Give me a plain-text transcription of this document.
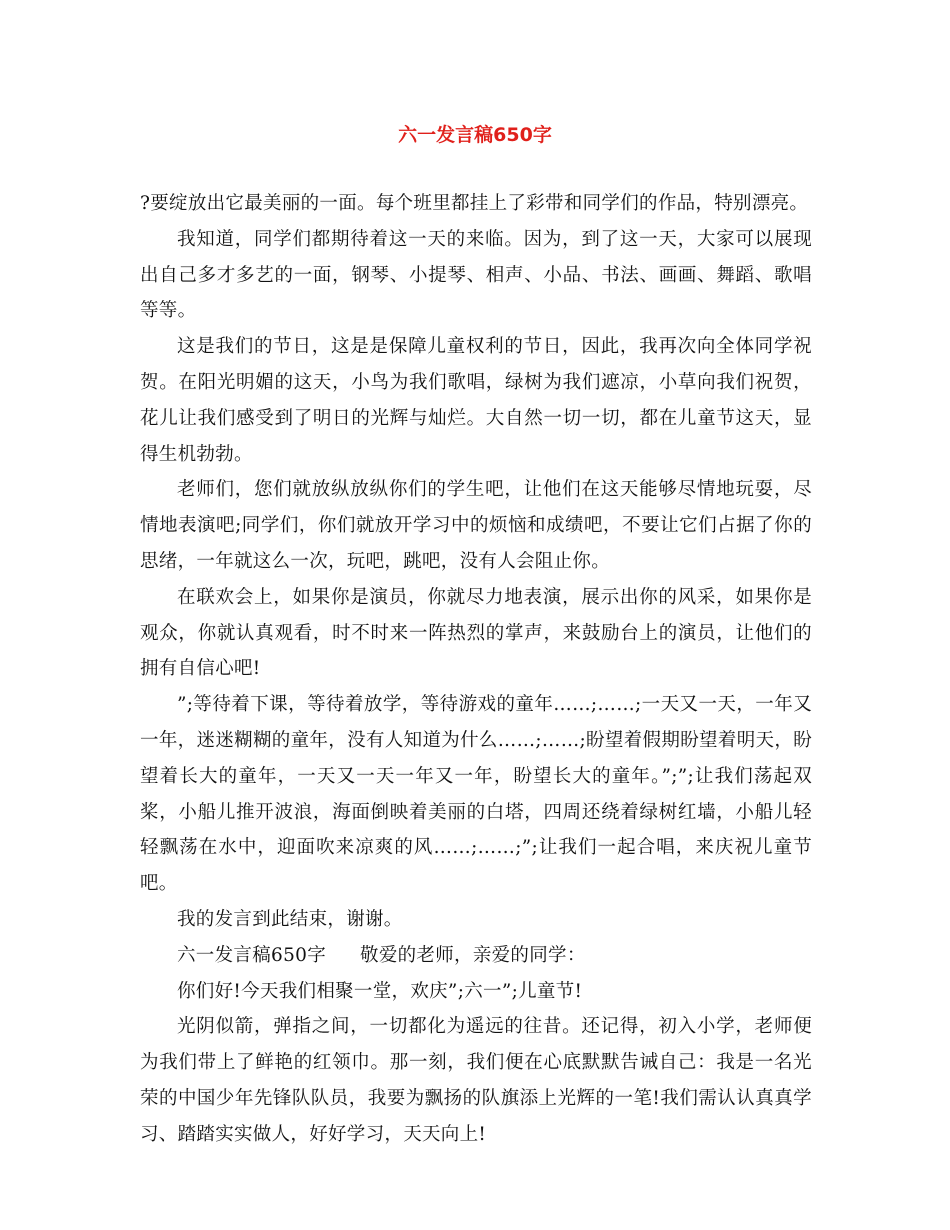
六一发言稿650字

?要绽放出它最美丽的一面。每个班里都挂上了彩带和同学们的作品，特别漂亮。

我知道，同学们都期待着这一天的来临。因为，到了这一天，大家可以展现出自己多才多艺的一面，钢琴、小提琴、相声、小品、书法、画画、舞蹈、歌唱等等。

这是我们的节日，这是是保障儿童权利的节日，因此，我再次向全体同学祝贺。在阳光明媚的这天，小鸟为我们歌唱，绿树为我们遮凉，小草向我们祝贺，花儿让我们感受到了明日的光辉与灿烂。大自然一切一切，都在儿童节这天，显得生机勃勃。

老师们，您们就放纵放纵你们的学生吧，让他们在这天能够尽情地玩耍，尽情地表演吧;同学们，你们就放开学习中的烦恼和成绩吧，不要让它们占据了你的思绪，一年就这么一次，玩吧，跳吧，没有人会阻止你。

在联欢会上，如果你是演员，你就尽力地表演，展示出你的风采，如果你是观众，你就认真观看，时不时来一阵热烈的掌声，来鼓励台上的演员，让他们的拥有自信心吧!

”;等待着下课，等待着放学，等待游戏的童年……;……;一天又一天，一年又一年，迷迷糊糊的童年，没有人知道为什么……;……;盼望着假期盼望着明天，盼望着长大的童年，一天又一天一年又一年，盼望长大的童年。”;”;让我们荡起双桨，小船儿推开波浪，海面倒映着美丽的白塔，四周还绕着绿树红墙，小船儿轻轻飘荡在水中，迎面吹来凉爽的风……;……;”;让我们一起合唱，来庆祝儿童节吧。

我的发言到此结束，谢谢。

六一发言稿650字 敬爱的老师，亲爱的同学：

你们好!今天我们相聚一堂，欢庆”;六一”;儿童节!

光阴似箭，弹指之间，一切都化为遥远的往昔。还记得，初入小学，老师便为我们带上了鲜艳的红领巾。那一刻，我们便在心底默默告诫自己：我是一名光荣的中国少年先锋队队员，我要为飘扬的队旗添上光辉的一笔!我们需认认真真学习、踏踏实实做人，好好学习，天天向上!
